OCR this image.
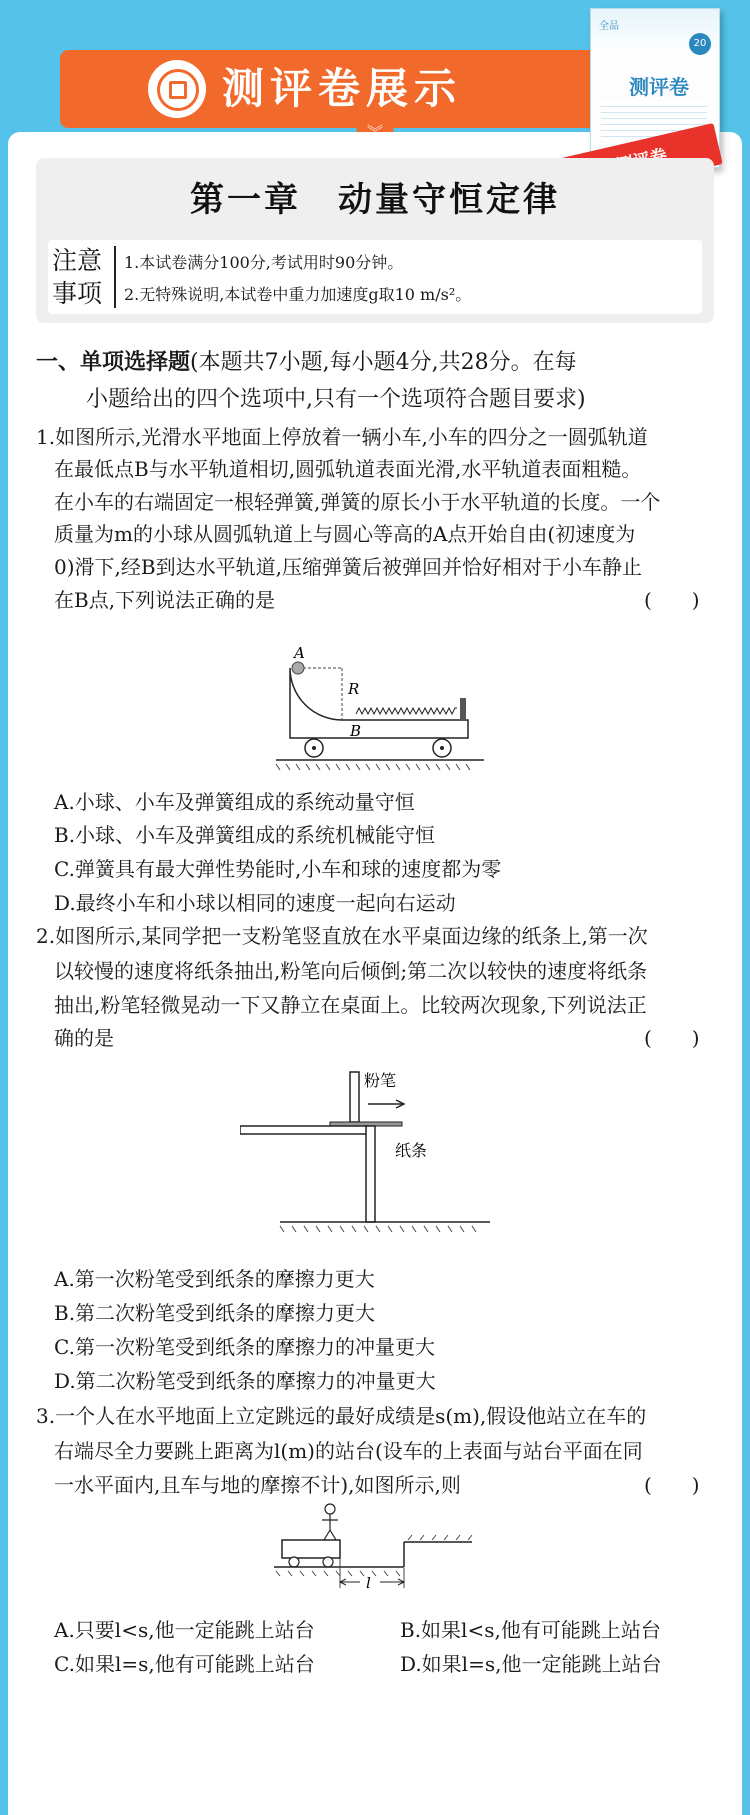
测评卷展示
全品
20
测评卷
第一章　动量守恒定律
注意事项
1.本试卷满分100分,考试用时90分钟。
2.无特殊说明,本试卷中重力加速度g取10 m/s²。
一、单项选择题(本题共7小题,每小题4分,共28分。在每
小题给出的四个选项中,只有一个选项符合题目要求)
1.如图所示,光滑水平地面上停放着一辆小车,小车的四分之一圆弧轨道
在最低点B与水平轨道相切,圆弧轨道表面光滑,水平轨道表面粗糙。
在小车的右端固定一根轻弹簧,弹簧的原长小于水平轨道的长度。一个
质量为m的小球从圆弧轨道上与圆心等高的A点开始自由(初速度为
0)滑下,经B到达水平轨道,压缩弹簧后被弹回并恰好相对于小车静止
在B点,下列说法正确的是	(　　)
A
R
B
A.小球、小车及弹簧组成的系统动量守恒
B.小球、小车及弹簧组成的系统机械能守恒
C.弹簧具有最大弹性势能时,小车和球的速度都为零
D.最终小车和小球以相同的速度一起向右运动
2.如图所示,某同学把一支粉笔竖直放在水平桌面边缘的纸条上,第一次
以较慢的速度将纸条抽出,粉笔向后倾倒;第二次以较快的速度将纸条
抽出,粉笔轻微晃动一下又静立在桌面上。比较两次现象,下列说法正
确的是	(　　)
粉笔
纸条
A.第一次粉笔受到纸条的摩擦力更大
B.第二次粉笔受到纸条的摩擦力更大
C.第一次粉笔受到纸条的摩擦力的冲量更大
D.第二次粉笔受到纸条的摩擦力的冲量更大
3.一个人在水平地面上立定跳远的最好成绩是s(m),假设他站立在车的
右端尽全力要跳上距离为l(m)的站台(设车的上表面与站台平面在同
一水平面内,且车与地的摩擦不计),如图所示,则	(　　)
l
A.只要l<s,他一定能跳上站台	B.如果l<s,他有可能跳上站台
C.如果l=s,他有可能跳上站台	D.如果l=s,他一定能跳上站台
